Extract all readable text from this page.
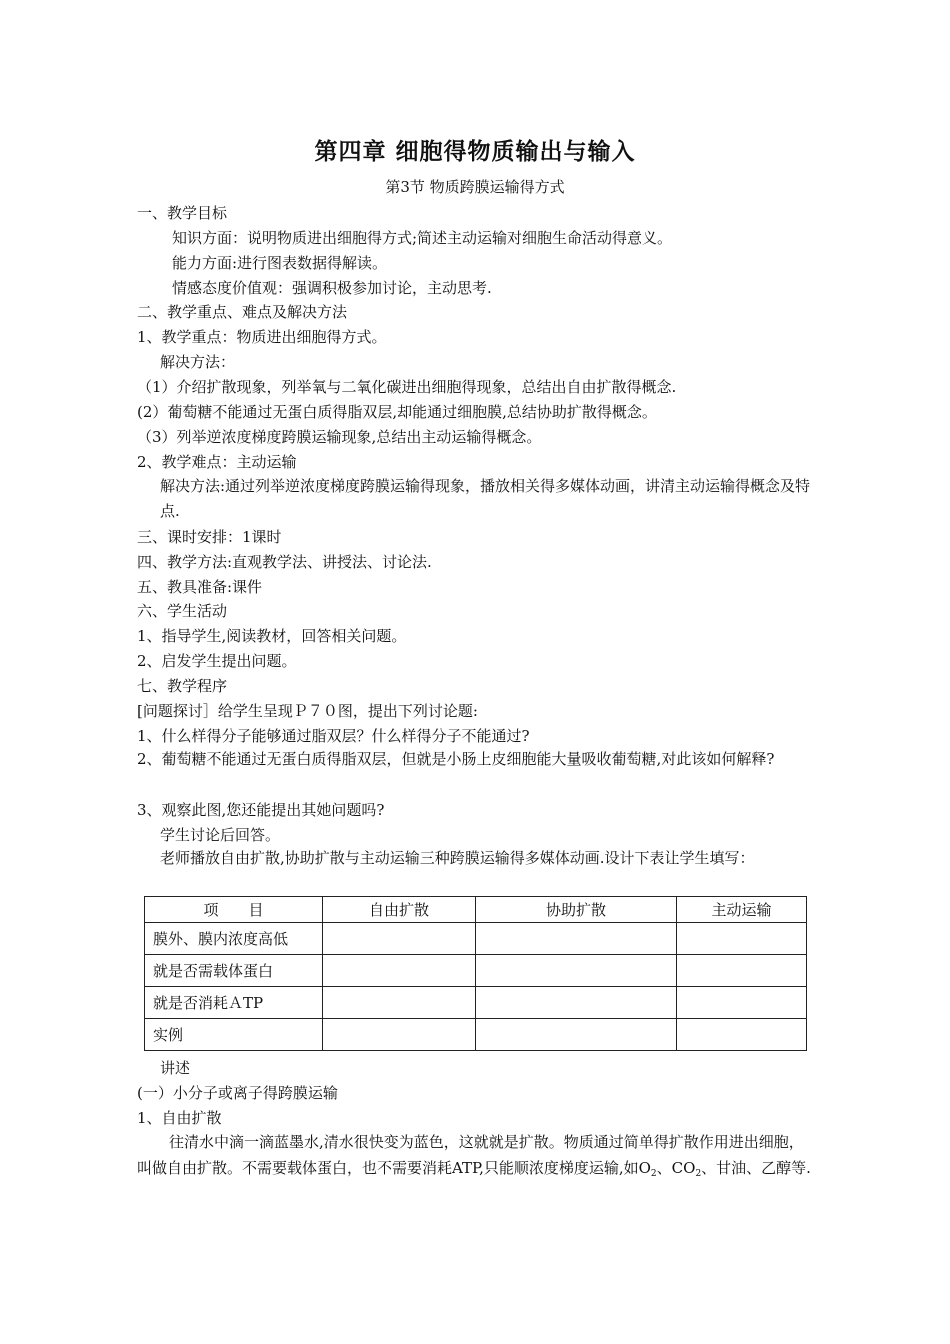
第四章 细胞得物质输出与输入
第3节 物质跨膜运输得方式
一、教学目标
知识方面：说明物质进出细胞得方式;简述主动运输对细胞生命活动得意义。
能力方面:进行图表数据得解读。
情感态度价值观：强调积极参加讨论，主动思考.
二、教学重点、难点及解决方法
1、教学重点：物质进出细胞得方式。
解决方法：
（1）介绍扩散现象，列举氧与二氧化碳进出细胞得现象，总结出自由扩散得概念.
(2）葡萄糖不能通过无蛋白质得脂双层,却能通过细胞膜,总结协助扩散得概念。
（3）列举逆浓度梯度跨膜运输现象,总结出主动运输得概念。
2、教学难点：主动运输
解决方法:通过列举逆浓度梯度跨膜运输得现象，播放相关得多媒体动画，讲清主动运输得概念及特点.
三、课时安排：1课时
四、教学方法:直观教学法、讲授法、讨论法.
五、教具准备:课件
六、学生活动
1、指导学生,阅读教材，回答相关问题。
2、启发学生提出问题。
七、教学程序
[问题探讨］给学生呈现Ｐ７０图，提出下列讨论题:
1、什么样得分子能够通过脂双层？什么样得分子不能通过?
2、葡萄糖不能通过无蛋白质得脂双层，但就是小肠上皮细胞能大量吸收葡萄糖,对此该如何解释?
3、观察此图,您还能提出其她问题吗?
学生讨论后回答。
老师播放自由扩散,协助扩散与主动运输三种跨膜运输得多媒体动画.设计下表让学生填写：
项　　目	自由扩散	协助扩散	主动运输
膜外、膜内浓度高低			
就是否需载体蛋白			
就是否消耗ＡTP			
实例			
讲述
(一）小分子或离子得跨膜运输
1、自由扩散
往清水中滴一滴蓝墨水,清水很快变为蓝色，这就就是扩散。物质通过简单得扩散作用进出细胞，叫做自由扩散。不需要载体蛋白，也不需要消耗ATP,只能顺浓度梯度运输,如$O_2$、$CO_2$、甘油、乙醇等.
